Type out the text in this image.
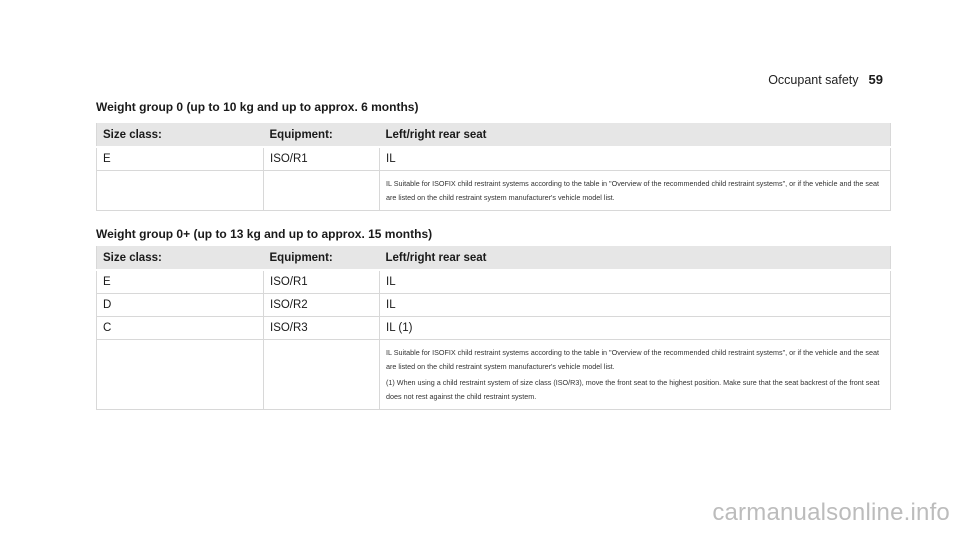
Occupant safety 59
Weight group 0 (up to 10 kg and up to approx. 6 months)
Size class:	Equipment:	Left/right rear seat
E	ISO/R1	IL

		IL Suitable for ISOFIX child restraint systems according to the table in "Overview of the recommended child restraint systems", or if the vehicle and the seat are listed on the child restraint system manufacturer's vehicle model list.

Weight group 0+ (up to 13 kg and up to approx. 15 months)
Size class:	Equipment:	Left/right rear seat
E	ISO/R1	IL
D	ISO/R2	IL
C	ISO/R3	IL (1)

		IL Suitable for ISOFIX child restraint systems according to the table in "Overview of the recommended child restraint systems", or if the vehicle and the seat are listed on the child restraint system manufacturer's vehicle model list.

(1) When using a child restraint system of size class (ISO/R3), move the front seat to the highest position. Make sure that the seat backrest of the front seat does not rest against the child restraint system.

carmanualsonline.info
